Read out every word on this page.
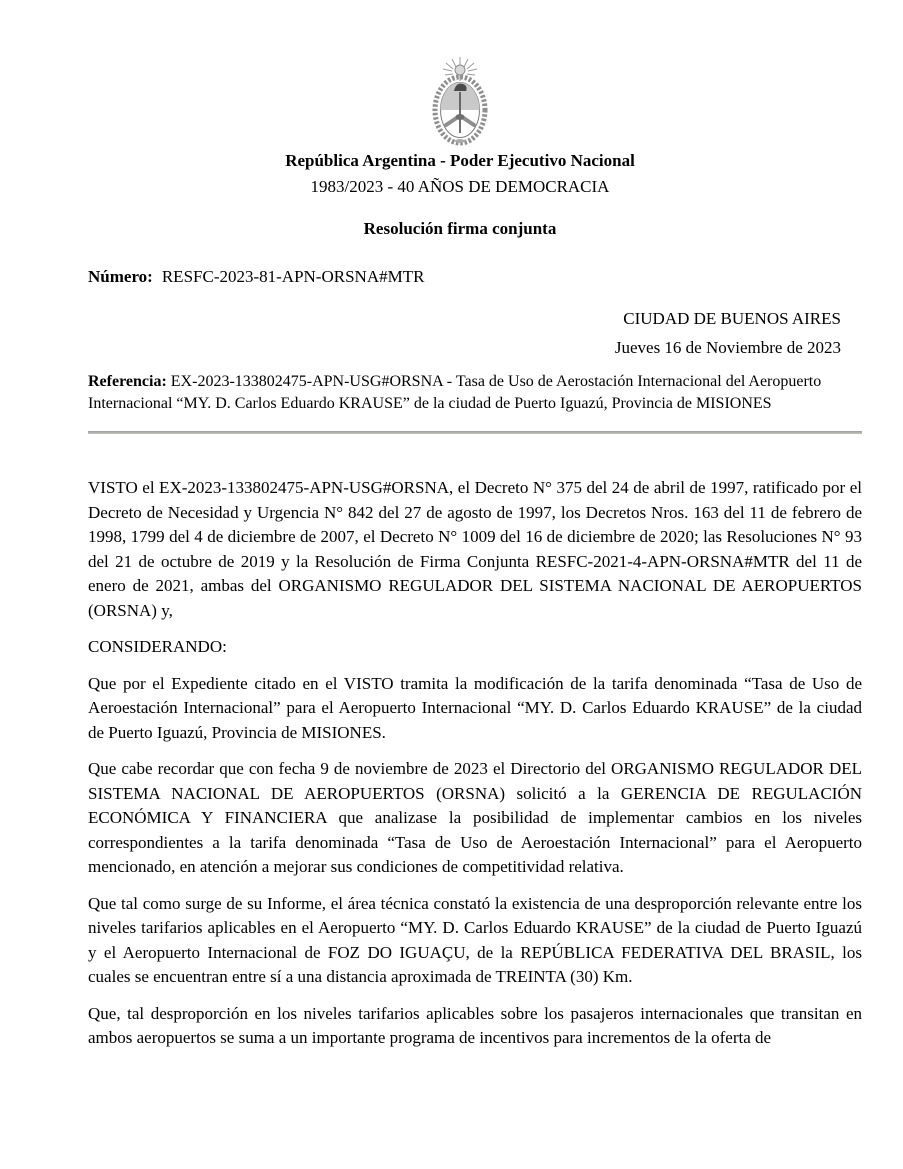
República Argentina - Poder Ejecutivo Nacional

1983/2023 - 40 AÑOS DE DEMOCRACIA

Resolución firma conjunta

Número: RESFC-2023-81-APN-ORSNA#MTR

CIUDAD DE BUENOS AIRES

Jueves 16 de Noviembre de 2023

Referencia: EX-2023-133802475-APN-USG#ORSNA - Tasa de Uso de Aerostación Internacional del Aeropuerto Internacional “MY. D. Carlos Eduardo KRAUSE” de la ciudad de Puerto Iguazú, Provincia de MISIONES

VISTO el EX-2023-133802475-APN-USG#ORSNA, el Decreto N° 375 del 24 de abril de 1997, ratificado por el Decreto de Necesidad y Urgencia N° 842 del 27 de agosto de 1997, los Decretos Nros. 163 del 11 de febrero de 1998, 1799 del 4 de diciembre de 2007, el Decreto N° 1009 del 16 de diciembre de 2020; las Resoluciones N° 93 del 21 de octubre de 2019 y la Resolución de Firma Conjunta RESFC-2021-4-APN-ORSNA#MTR del 11 de enero de 2021, ambas del ORGANISMO REGULADOR DEL SISTEMA NACIONAL DE AEROPUERTOS (ORSNA) y,

CONSIDERANDO:

Que por el Expediente citado en el VISTO tramita la modificación de la tarifa denominada “Tasa de Uso de Aeroestación Internacional” para el Aeropuerto Internacional “MY. D. Carlos Eduardo KRAUSE” de la ciudad de Puerto Iguazú, Provincia de MISIONES.

Que cabe recordar que con fecha 9 de noviembre de 2023 el Directorio del ORGANISMO REGULADOR DEL SISTEMA NACIONAL DE AEROPUERTOS (ORSNA) solicitó a la GERENCIA DE REGULACIÓN ECONÓMICA Y FINANCIERA que analizase la posibilidad de implementar cambios en los niveles correspondientes a la tarifa denominada “Tasa de Uso de Aeroestación Internacional” para el Aeropuerto mencionado, en atención a mejorar sus condiciones de competitividad relativa.

Que tal como surge de su Informe, el área técnica constató la existencia de una desproporción relevante entre los niveles tarifarios aplicables en el Aeropuerto “MY. D. Carlos Eduardo KRAUSE” de la ciudad de Puerto Iguazú y el Aeropuerto Internacional de FOZ DO IGUAÇU, de la REPÚBLICA FEDERATIVA DEL BRASIL, los cuales se encuentran entre sí a una distancia aproximada de TREINTA (30) Km.

Que, tal desproporción en los niveles tarifarios aplicables sobre los pasajeros internacionales que transitan en ambos aeropuertos se suma a un importante programa de incentivos para incrementos de la oferta de
